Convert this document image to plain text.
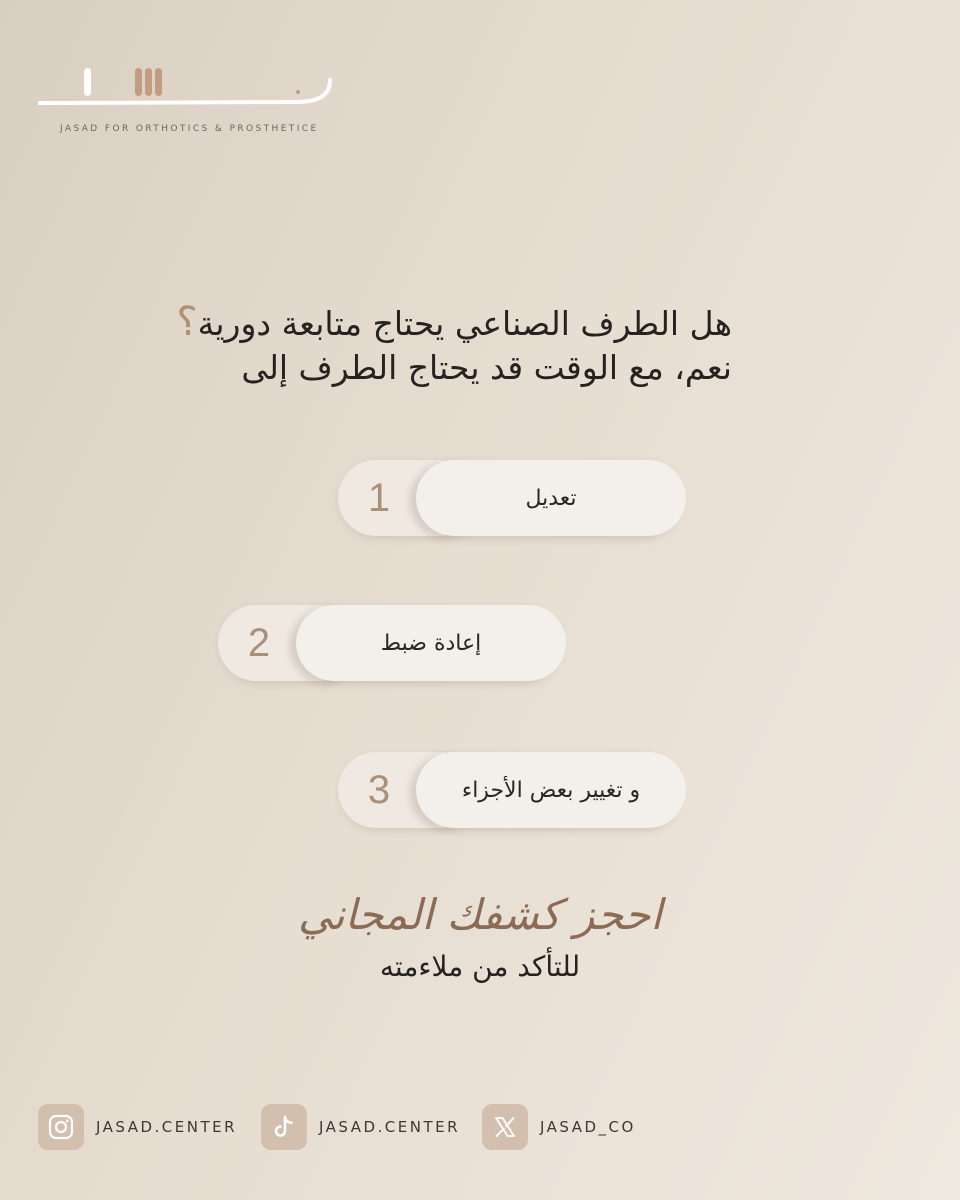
JASAD FOR ORTHOTICS & PROSTHETICE
هل الطرف الصناعي يحتاج متابعة دورية؟
نعم، مع الوقت قد يحتاج الطرف إلى
1	تعديل
2	إعادة ضبط
3	و تغيير بعض الأجزاء
احجز كشفك المجاني
للتأكد من ملاءمته
JASAD.CENTER	JASAD.CENTER	JASAD_CO
